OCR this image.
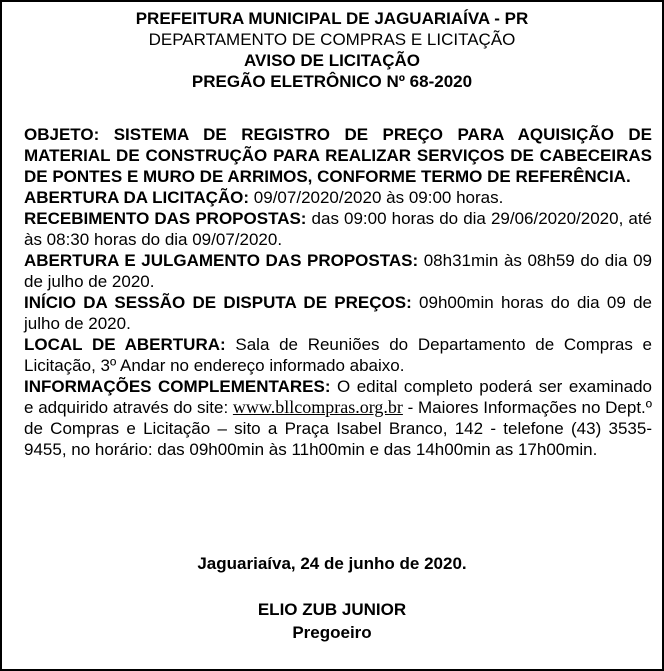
PREFEITURA MUNICIPAL DE JAGUARIAÍVA - PR
DEPARTAMENTO DE COMPRAS E LICITAÇÃO
AVISO DE LICITAÇÃO
PREGÃO ELETRÔNICO Nº 68-2020
OBJETO: SISTEMA DE REGISTRO DE PREÇO PARA AQUISIÇÃO DE MATERIAL DE CONSTRUÇÃO PARA REALIZAR SERVIÇOS DE CABECEIRAS DE PONTES E MURO DE ARRIMOS, CONFORME TERMO DE REFERÊNCIA.
ABERTURA DA LICITAÇÃO: 09/07/2020/2020 às 09:00 horas.
RECEBIMENTO DAS PROPOSTAS: das 09:00 horas do dia 29/06/2020/2020, até às 08:30 horas do dia 09/07/2020.
ABERTURA E JULGAMENTO DAS PROPOSTAS: 08h31min às 08h59 do dia 09 de julho de 2020.
INÍCIO DA SESSÃO DE DISPUTA DE PREÇOS: 09h00min horas do dia 09 de julho de 2020.
LOCAL DE ABERTURA: Sala de Reuniões do Departamento de Compras e Licitação, 3º Andar no endereço informado abaixo.
INFORMAÇÕES COMPLEMENTARES: O edital completo poderá ser examinado e adquirido através do site: www.bllcompras.org.br - Maiores Informações no Dept.º de Compras e Licitação – sito a Praça Isabel Branco, 142 - telefone (43) 3535-9455, no horário: das 09h00min às 11h00min e das 14h00min as 17h00min.
Jaguariaíva, 24 de junho de 2020.
ELIO ZUB JUNIOR
Pregoeiro
